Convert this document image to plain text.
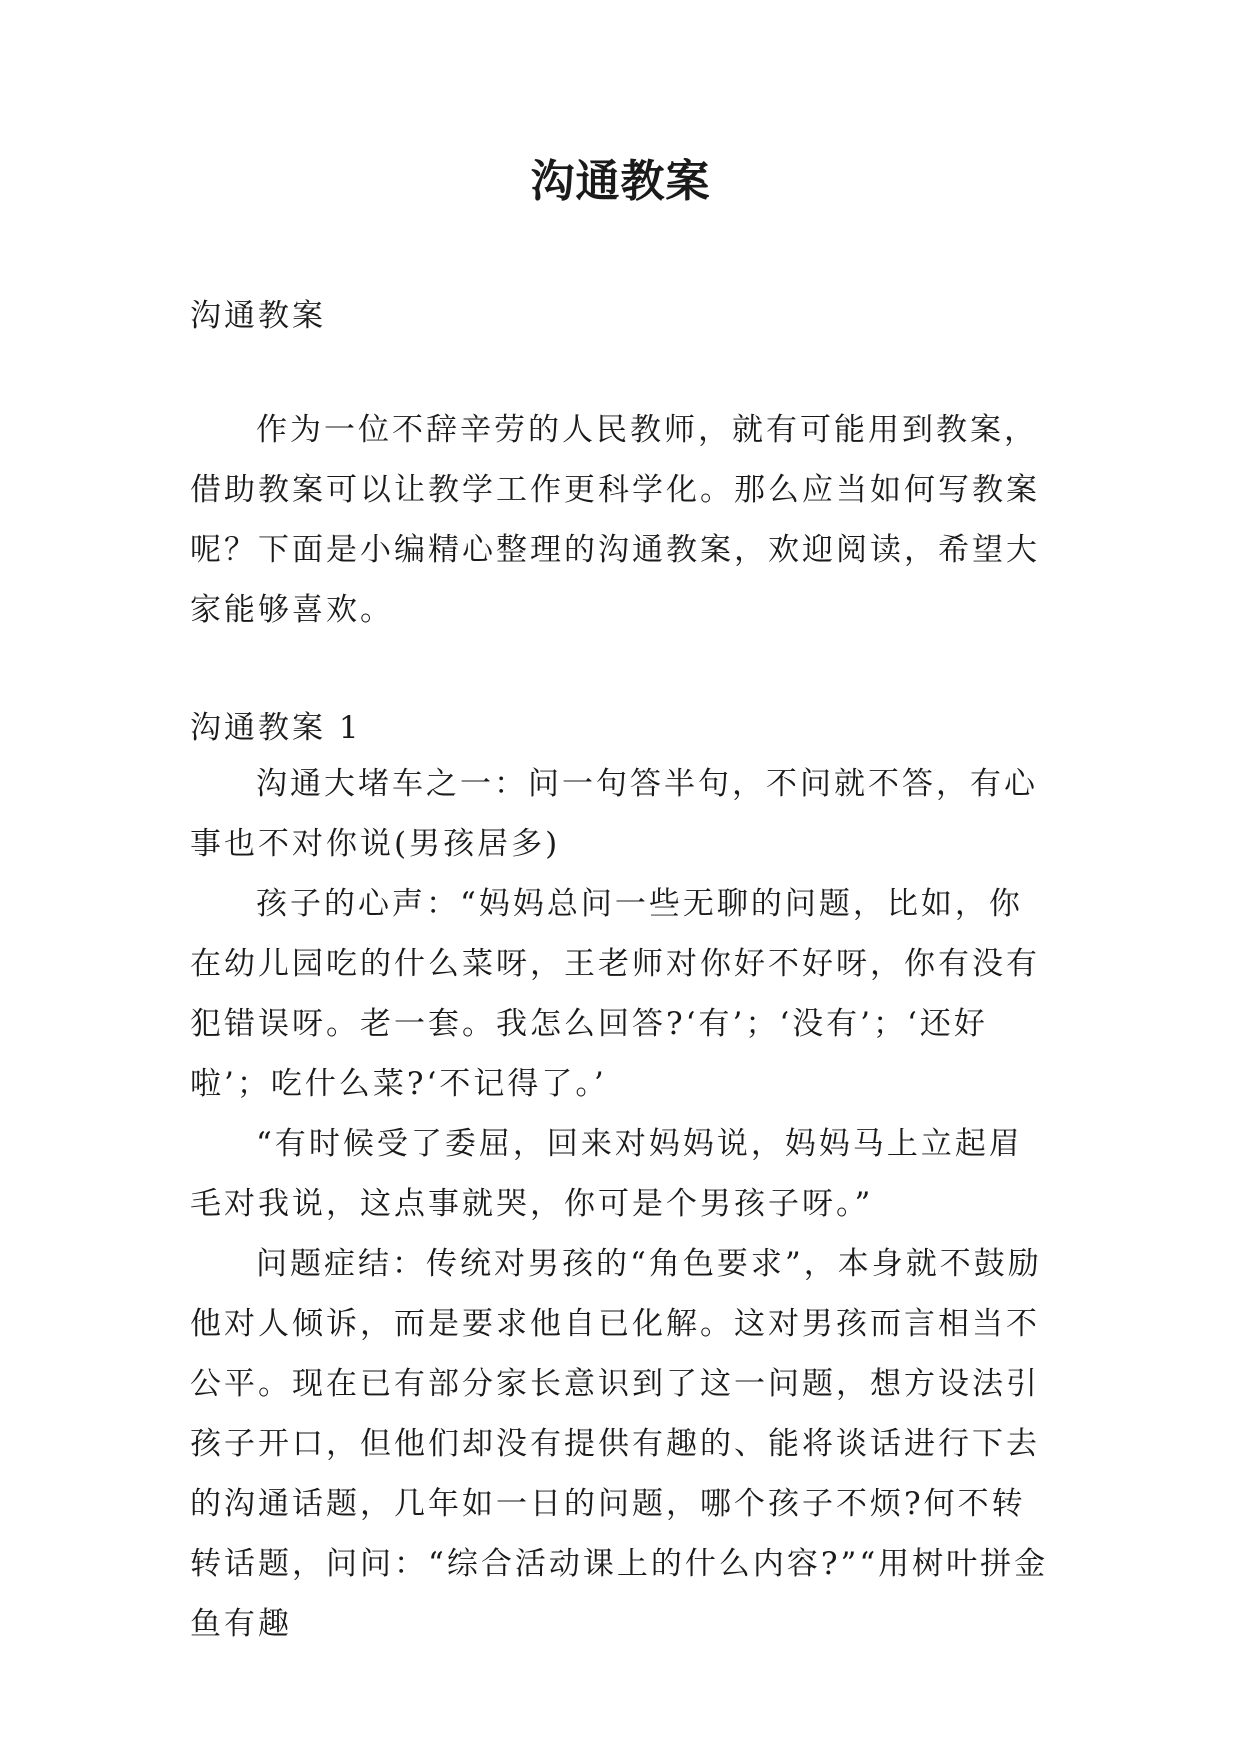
沟通教案

沟通教案

作为一位不辞辛劳的人民教师，就有可能用到教案，借助教案可以让教学工作更科学化。那么应当如何写教案呢？下面是小编精心整理的沟通教案，欢迎阅读，希望大家能够喜欢。

沟通教案 1

沟通大堵车之一：问一句答半句，不问就不答，有心事也不对你说(男孩居多)

孩子的心声：“妈妈总问一些无聊的问题，比如，你在幼儿园吃的什么菜呀，王老师对你好不好呀，你有没有犯错误呀。老一套。我怎么回答?‘有’；‘没有’；‘还好啦’；吃什么菜?‘不记得了。’

“有时候受了委屈，回来对妈妈说，妈妈马上立起眉毛对我说，这点事就哭，你可是个男孩子呀。”

问题症结：传统对男孩的“角色要求”，本身就不鼓励他对人倾诉，而是要求他自已化解。这对男孩而言相当不公平。现在已有部分家长意识到了这一问题，想方设法引孩子开口，但他们却没有提供有趣的、能将谈话进行下去的沟通话题，几年如一日的问题，哪个孩子不烦?何不转转话题，问问：“综合活动课上的什么内容?”“用树叶拼金鱼有趣
